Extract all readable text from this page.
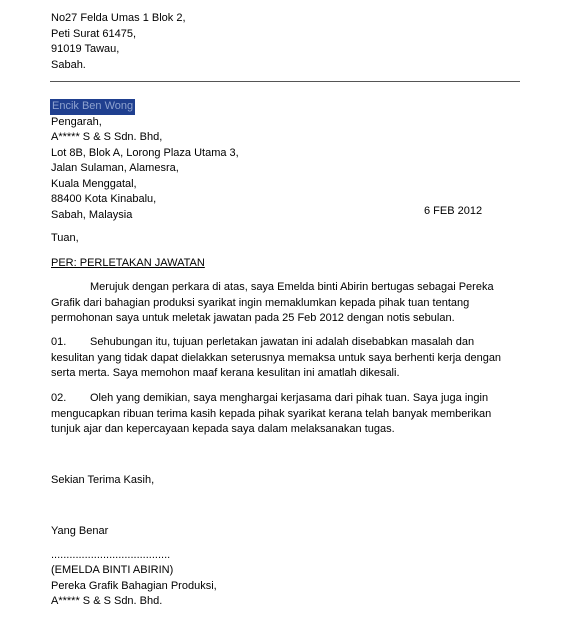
No27 Felda Umas 1 Blok 2,
Peti Surat 61475,
91019 Tawau,
Sabah.
Encik Ben Wong
Pengarah,
A***** S & S Sdn. Bhd,
Lot 8B, Blok A, Lorong Plaza Utama 3,
Jalan Sulaman, Alamesra,
Kuala Menggatal,
88400 Kota Kinabalu,
Sabah, Malaysia	6 FEB 2012
Tuan,
PER: PERLETAKAN JAWATAN
Merujuk dengan perkara di atas, saya Emelda binti Abirin bertugas sebagai Pereka
Grafik dari bahagian produksi syarikat ingin memaklumkan kepada pihak tuan tentang
permohonan saya untuk meletak jawatan pada 25 Feb 2012 dengan notis sebulan.
01. Sehubungan itu, tujuan perletakan jawatan ini adalah disebabkan masalah dan
kesulitan yang tidak dapat dielakkan seterusnya memaksa untuk saya berhenti kerja dengan
serta merta. Saya memohon maaf kerana kesulitan ini amatlah dikesali.
02. Oleh yang demikian, saya menghargai kerjasama dari pihak tuan. Saya juga ingin
mengucapkan ribuan terima kasih kepada pihak syarikat kerana telah banyak memberikan
tunjuk ajar dan kepercayaan kepada saya dalam melaksanakan tugas.
Sekian Terima Kasih,
Yang Benar
.......................................
(EMELDA BINTI ABIRIN)
Pereka Grafik Bahagian Produksi,
A***** S & S Sdn. Bhd.
